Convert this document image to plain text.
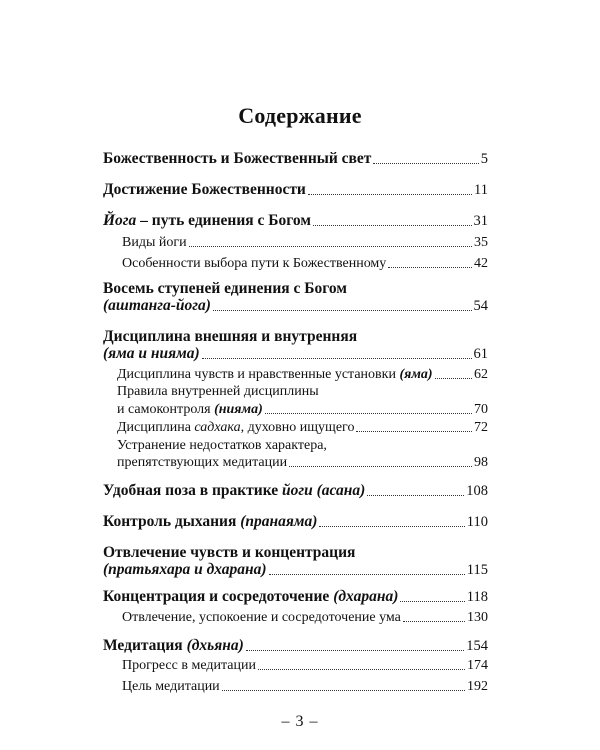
Содержание
Божественность и Божественный свет	5
Достижение Божественности	11
Йога – путь единения с Богом	31
Виды йоги	35
Особенности выбора пути к Божественному	42
Восемь ступеней единения с Богом
(аштанга-йога)	54
Дисциплина внешняя и внутренняя
(яма и нияма)	61
Дисциплина чувств и нравственные установки (яма)	62
Правила внутренней дисциплины
и самоконтроля (нияма)	70
Дисциплина садхака, духовно ищущего	72
Устранение недостатков характера,
препятствующих медитации	98
Удобная поза в практике йоги (асана)	108
Контроль дыхания (пранаяма)	110
Отвлечение чувств и концентрация
(пратьяхара и дхарана)	115
Концентрация и сосредоточение (дхарана)	118
Отвлечение, успокоение и сосредоточение ума	130
Медитация (дхьяна)	154
Прогресс в медитации	174
Цель медитации	192
– 3 –
